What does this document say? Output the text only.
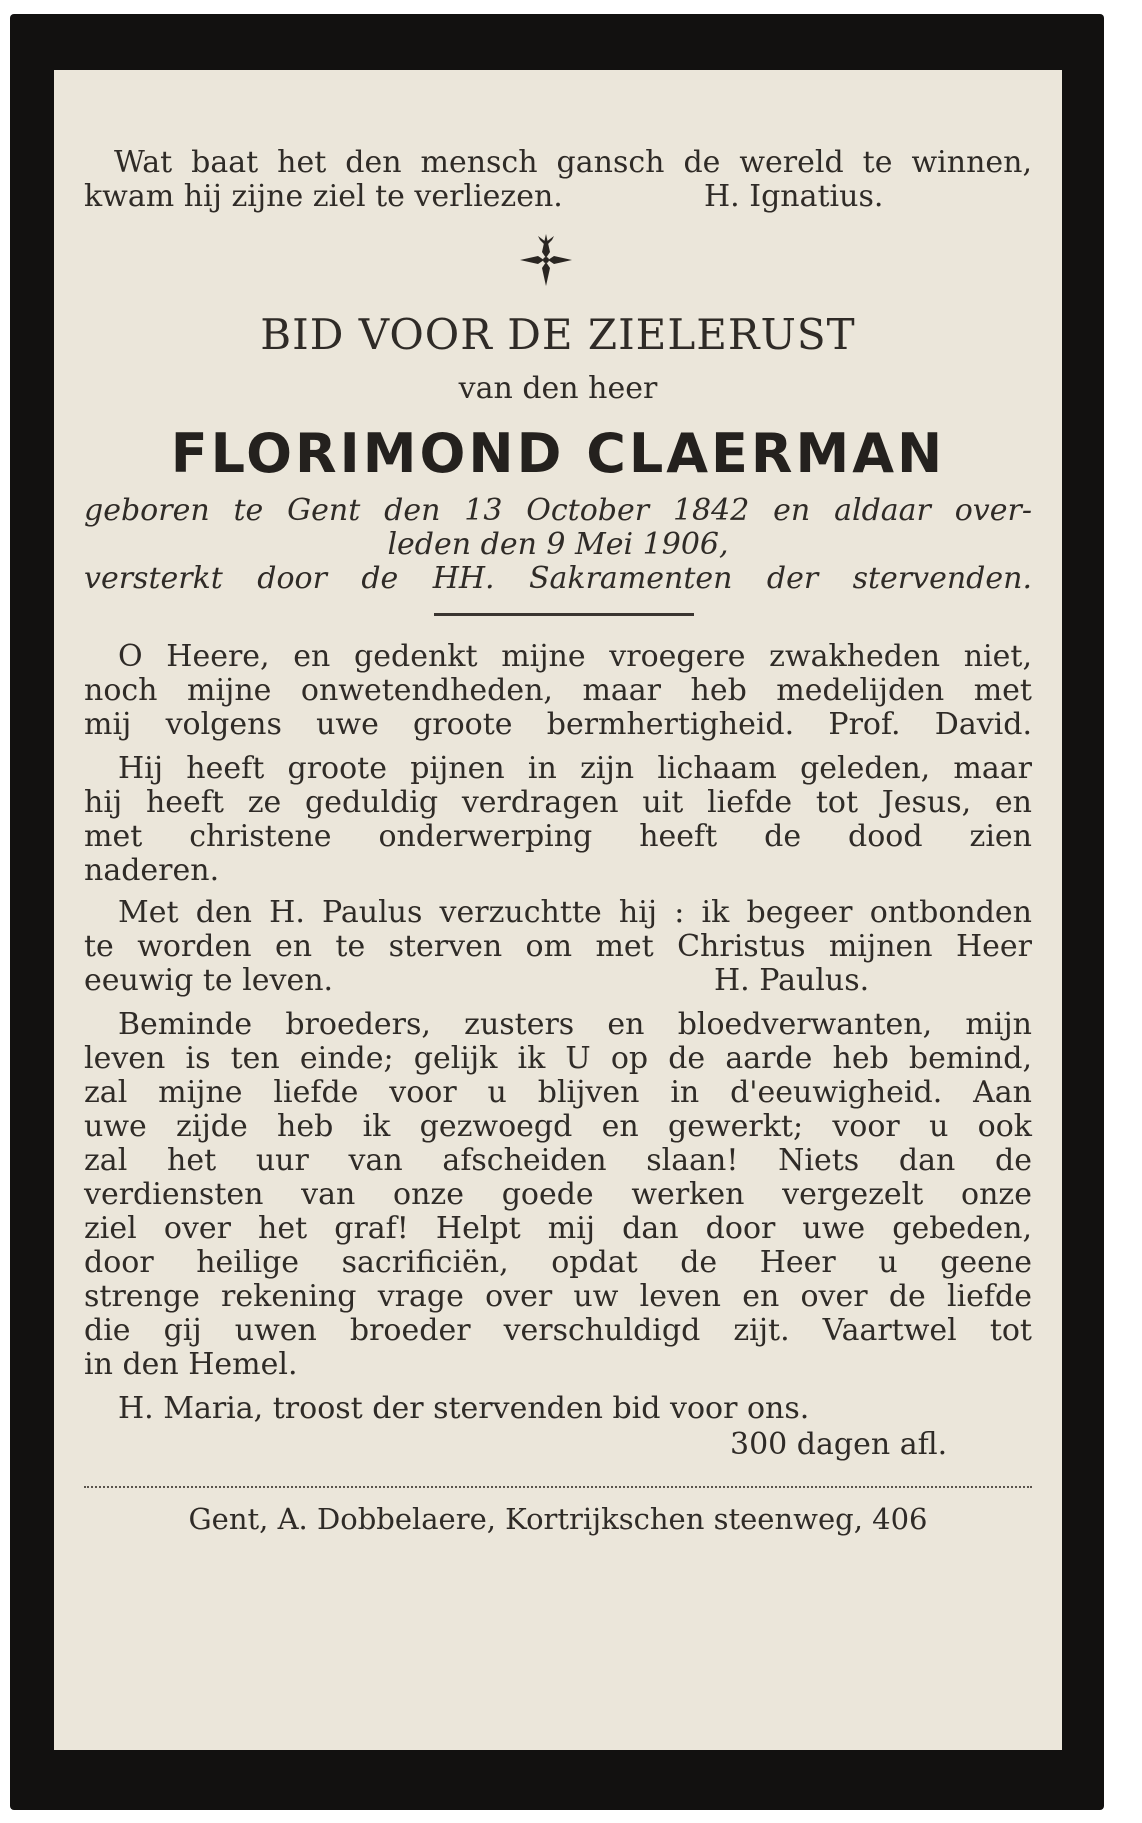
Wat baat het den mensch gansch de wereld te winnen,
kwam hij zijne ziel te verliezen.	H. Ignatius.
BID VOOR DE ZIELERUST
van den heer
FLORIMOND CLAERMAN
geboren te Gent den 13 October 1842 en aldaar over-
leden den 9 Mei 1906,
versterkt door de HH. Sakramenten der stervenden.
O Heere, en gedenkt mijne vroegere zwakheden niet,
noch mijne onwetendheden, maar heb medelijden met
mij volgens uwe groote bermhertigheid. Prof. David.
Hij heeft groote pijnen in zijn lichaam geleden, maar
hij heeft ze geduldig verdragen uit liefde tot Jesus, en
met christene onderwerping heeft de dood zien
naderen.
Met den H. Paulus verzuchtte hij : ik begeer ontbonden
te worden en te sterven om met Christus mijnen Heer
eeuwig te leven.	H. Paulus.
Beminde broeders, zusters en bloedverwanten, mijn
leven is ten einde; gelijk ik U op de aarde heb bemind,
zal mijne liefde voor u blijven in d'eeuwigheid. Aan
uwe zijde heb ik gezwoegd en gewerkt; voor u ook
zal het uur van afscheiden slaan! Niets dan de
verdiensten van onze goede werken vergezelt onze
ziel over het graf! Helpt mij dan door uwe gebeden,
door heilige sacrificiën, opdat de Heer u geene
strenge rekening vrage over uw leven en over de liefde
die gij uwen broeder verschuldigd zijt. Vaartwel tot
in den Hemel.
H. Maria, troost der stervenden bid voor ons.
300 dagen afl.
Gent, A. Dobbelaere, Kortrijkschen steenweg, 406
